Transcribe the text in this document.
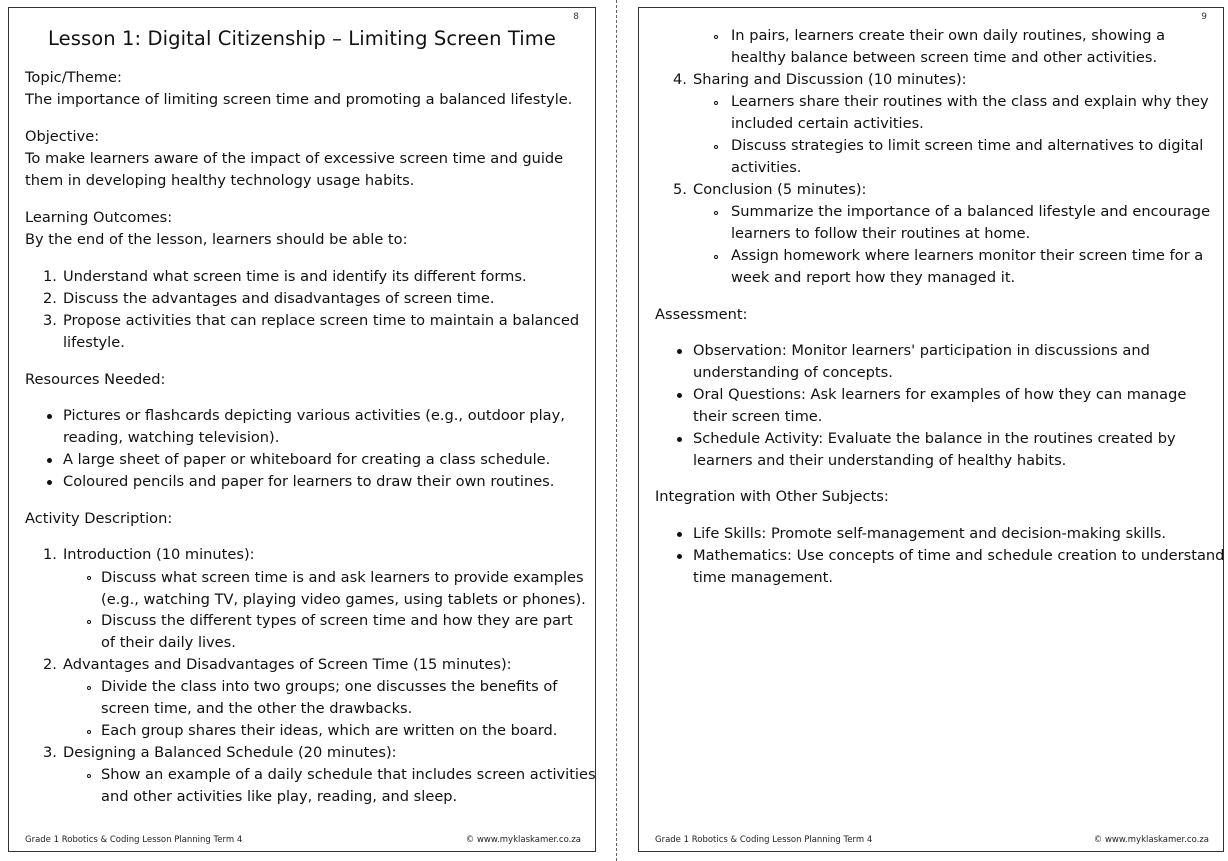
8
Lesson 1: Digital Citizenship – Limiting Screen Time
Topic/Theme:
The importance of limiting screen time and promoting a balanced lifestyle.
Objective:
To make learners aware of the impact of excessive screen time and guide
them in developing healthy technology usage habits.
Learning Outcomes:
By the end of the lesson, learners should be able to:
1. Understand what screen time is and identify its different forms.
2. Discuss the advantages and disadvantages of screen time.
3. Propose activities that can replace screen time to maintain a balanced
lifestyle.
Resources Needed:
Pictures or flashcards depicting various activities (e.g., outdoor play,
reading, watching television).
A large sheet of paper or whiteboard for creating a class schedule.
Coloured pencils and paper for learners to draw their own routines.
Activity Description:
1. Introduction (10 minutes):
Discuss what screen time is and ask learners to provide examples
(e.g., watching TV, playing video games, using tablets or phones).
Discuss the different types of screen time and how they are part
of their daily lives.
2. Advantages and Disadvantages of Screen Time (15 minutes):
Divide the class into two groups; one discusses the benefits of
screen time, and the other the drawbacks.
Each group shares their ideas, which are written on the board.
3. Designing a Balanced Schedule (20 minutes):
Show an example of a daily schedule that includes screen activities
and other activities like play, reading, and sleep.
Grade 1 Robotics & Coding Lesson Planning Term 4	© www.myklaskamer.co.za
9
In pairs, learners create their own daily routines, showing a
healthy balance between screen time and other activities.
4. Sharing and Discussion (10 minutes):
Learners share their routines with the class and explain why they
included certain activities.
Discuss strategies to limit screen time and alternatives to digital
activities.
5. Conclusion (5 minutes):
Summarize the importance of a balanced lifestyle and encourage
learners to follow their routines at home.
Assign homework where learners monitor their screen time for a
week and report how they managed it.
Assessment:
Observation: Monitor learners' participation in discussions and
understanding of concepts.
Oral Questions: Ask learners for examples of how they can manage
their screen time.
Schedule Activity: Evaluate the balance in the routines created by
learners and their understanding of healthy habits.
Integration with Other Subjects:
Life Skills: Promote self-management and decision-making skills.
Mathematics: Use concepts of time and schedule creation to understand
time management.
Grade 1 Robotics & Coding Lesson Planning Term 4	© www.myklaskamer.co.za
